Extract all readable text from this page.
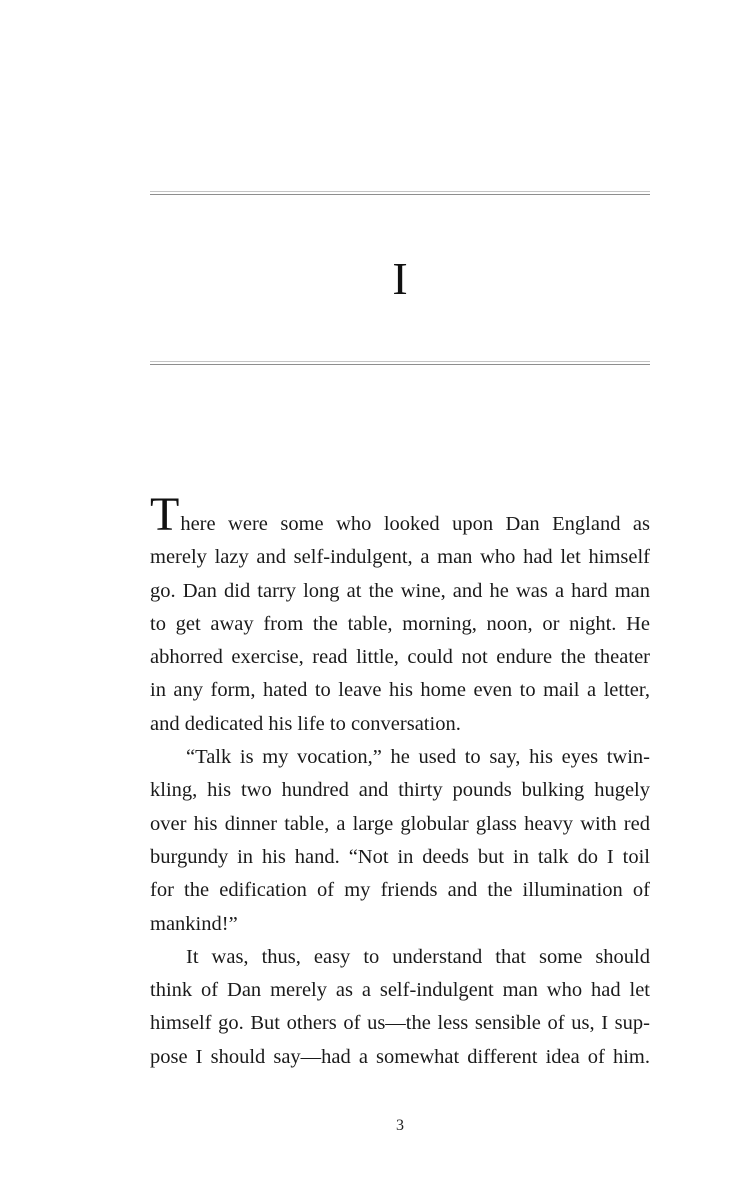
I
There were some who looked upon Dan England as
merely lazy and self-indulgent, a man who had let himself
go. Dan did tarry long at the wine, and he was a hard man
to get away from the table, morning, noon, or night. He
abhorred exercise, read little, could not endure the theater
in any form, hated to leave his home even to mail a letter,
and dedicated his life to conversation.
“Talk is my vocation,” he used to say, his eyes twin-
kling, his two hundred and thirty pounds bulking hugely
over his dinner table, a large globular glass heavy with red
burgundy in his hand. “Not in deeds but in talk do I toil
for the edification of my friends and the illumination of
mankind!”
It was, thus, easy to understand that some should
think of Dan merely as a self-indulgent man who had let
himself go. But others of us—the less sensible of us, I sup-
pose I should say—had a somewhat different idea of him.
3
